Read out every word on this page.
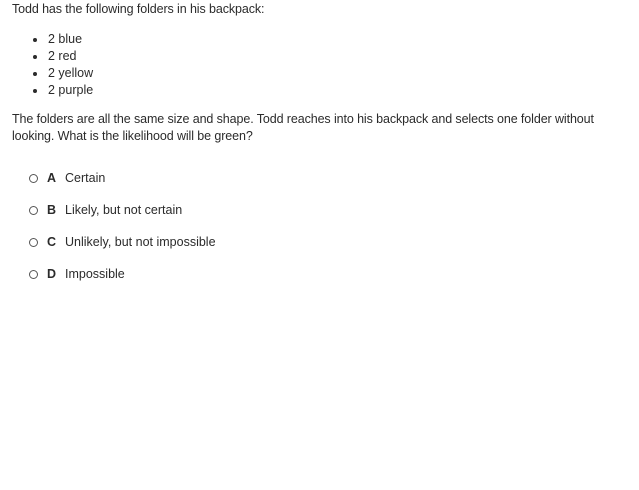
Todd has the following folders in his backpack:

2 blue
2 red
2 yellow
2 purple

The folders are all the same size and shape. Todd reaches into his backpack and selects one folder without looking. What is the likelihood will be green?

A Certain
B Likely, but not certain
C Unlikely, but not impossible
D Impossible
